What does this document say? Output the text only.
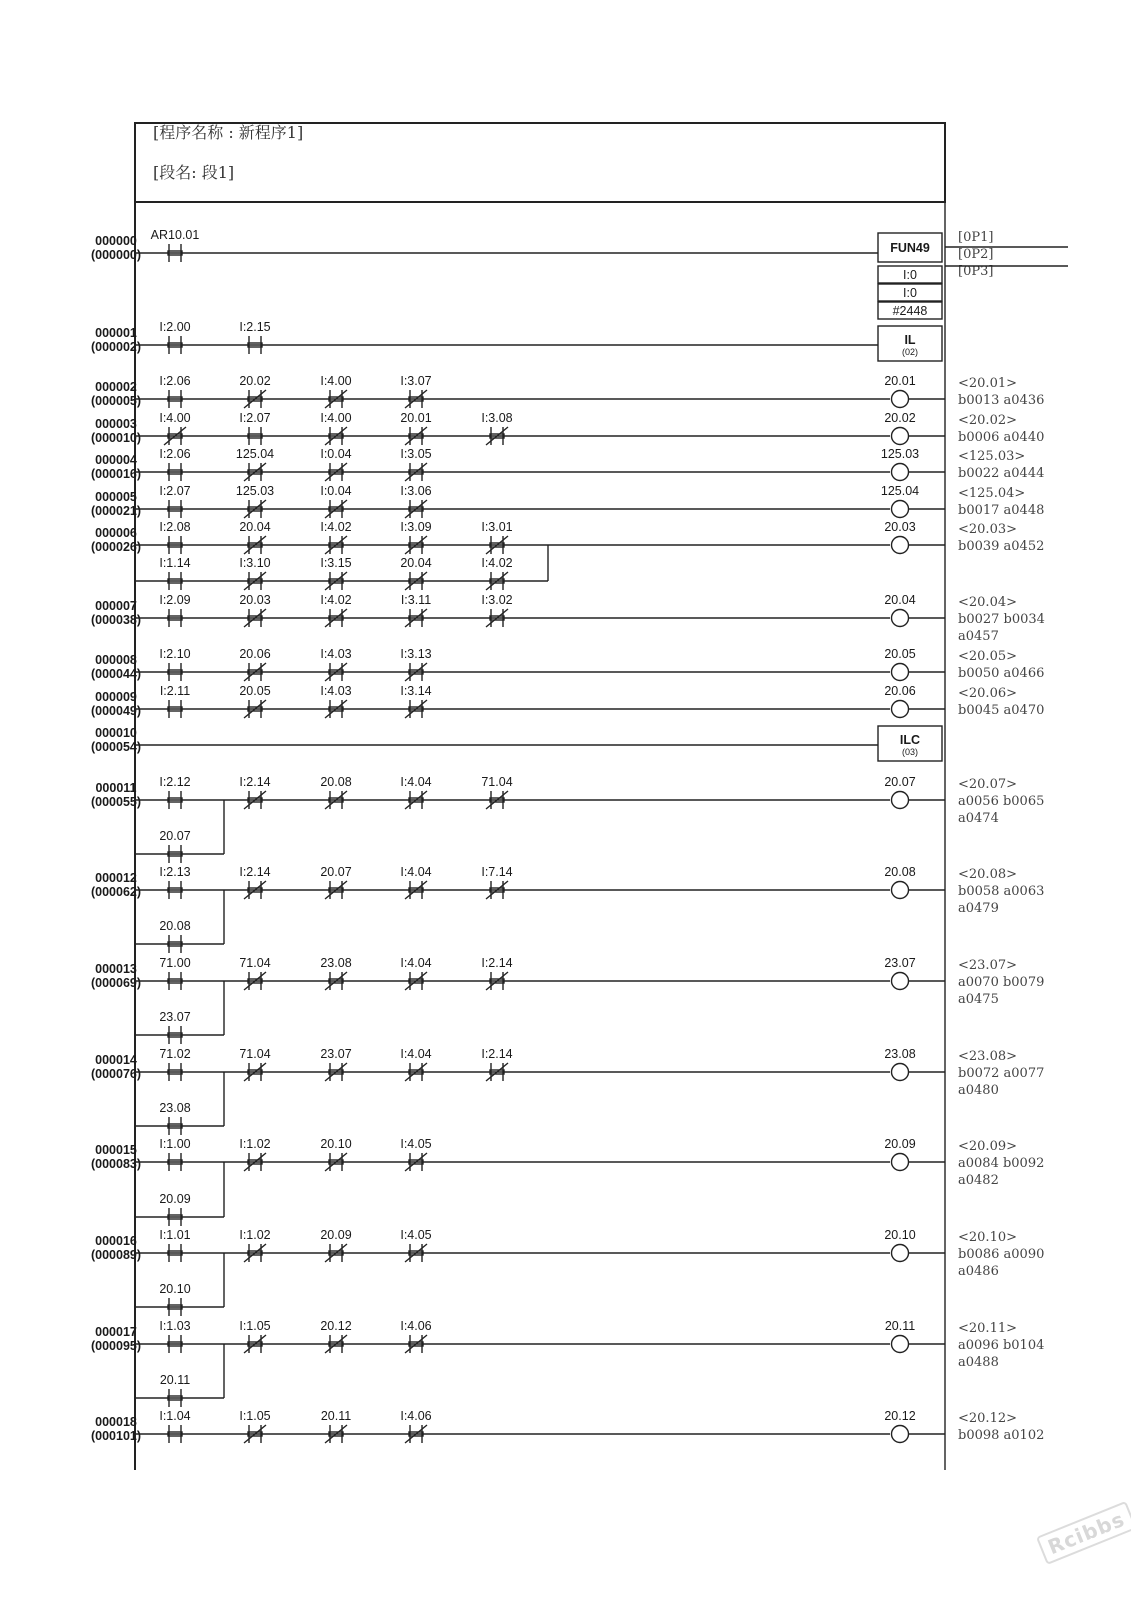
[程序名称 : 新程序1]
[段名: 段1]
000000
(000000)
AR10.01
FUN49
I:0
I:0
#2448
[0P1]
[0P2]
[0P3]
000001
(000002)
I:2.00	I:2.15
IL
(02)
000002
(000005)
I:2.06	20.02	I:4.00	I:3.07	20.01	<20.01>
b0013 a0436
000003
(000010)
I:4.00	I:2.07	I:4.00	20.01	I:3.08	20.02	<20.02>
b0006 a0440
000004
(000016)
I:2.06	125.04	I:0.04	I:3.05	125.03	<125.03>
b0022 a0444
000005
(000021)
I:2.07	125.03	I:0.04	I:3.06	125.04	<125.04>
b0017 a0448
000006
(000026)
I:2.08	20.04	I:4.02	I:3.09	I:3.01
I:1.14	I:3.10	I:3.15	20.04	I:4.02
20.03	<20.03>
b0039 a0452
000007
(000038)
I:2.09	20.03	I:4.02	I:3.11	I:3.02	20.04	<20.04>
b0027 b0034
a0457
000008
(000044)
I:2.10	20.06	I:4.03	I:3.13	20.05	<20.05>
b0050 a0466
000009
(000049)
I:2.11	20.05	I:4.03	I:3.14	20.06	<20.06>
b0045 a0470
000010
(000054)	ILC
(03)
000011
(000055)
I:2.12	I:2.14	20.08	I:4.04	71.04
20.07
20.07	<20.07>
a0056 b0065
a0474
000012
(000062)
I:2.13	I:2.14	20.07	I:4.04	I:7.14
20.08
20.08	<20.08>
b0058 a0063
a0479
000013
(000069)
71.00	71.04	23.08	I:4.04	I:2.14
23.07
23.07	<23.07>
a0070 b0079
a0475
000014
(000076)
71.02	71.04	23.07	I:4.04	I:2.14
23.08
23.08	<23.08>
b0072 a0077
a0480
000015
(000083)
I:1.00	I:1.02	20.10	I:4.05
20.09
20.09	<20.09>
a0084 b0092
a0482
000016
(000089)
I:1.01	I:1.02	20.09	I:4.05
20.10
20.10	<20.10>
b0086 a0090
a0486
000017
(000095)
I:1.03	I:1.05	20.12	I:4.06
20.11
20.11	<20.11>
a0096 b0104
a0488
000018
(000101)
I:1.04	I:1.05	20.11	I:4.06	20.12	<20.12>
b0098 a0102
Rcibbs
